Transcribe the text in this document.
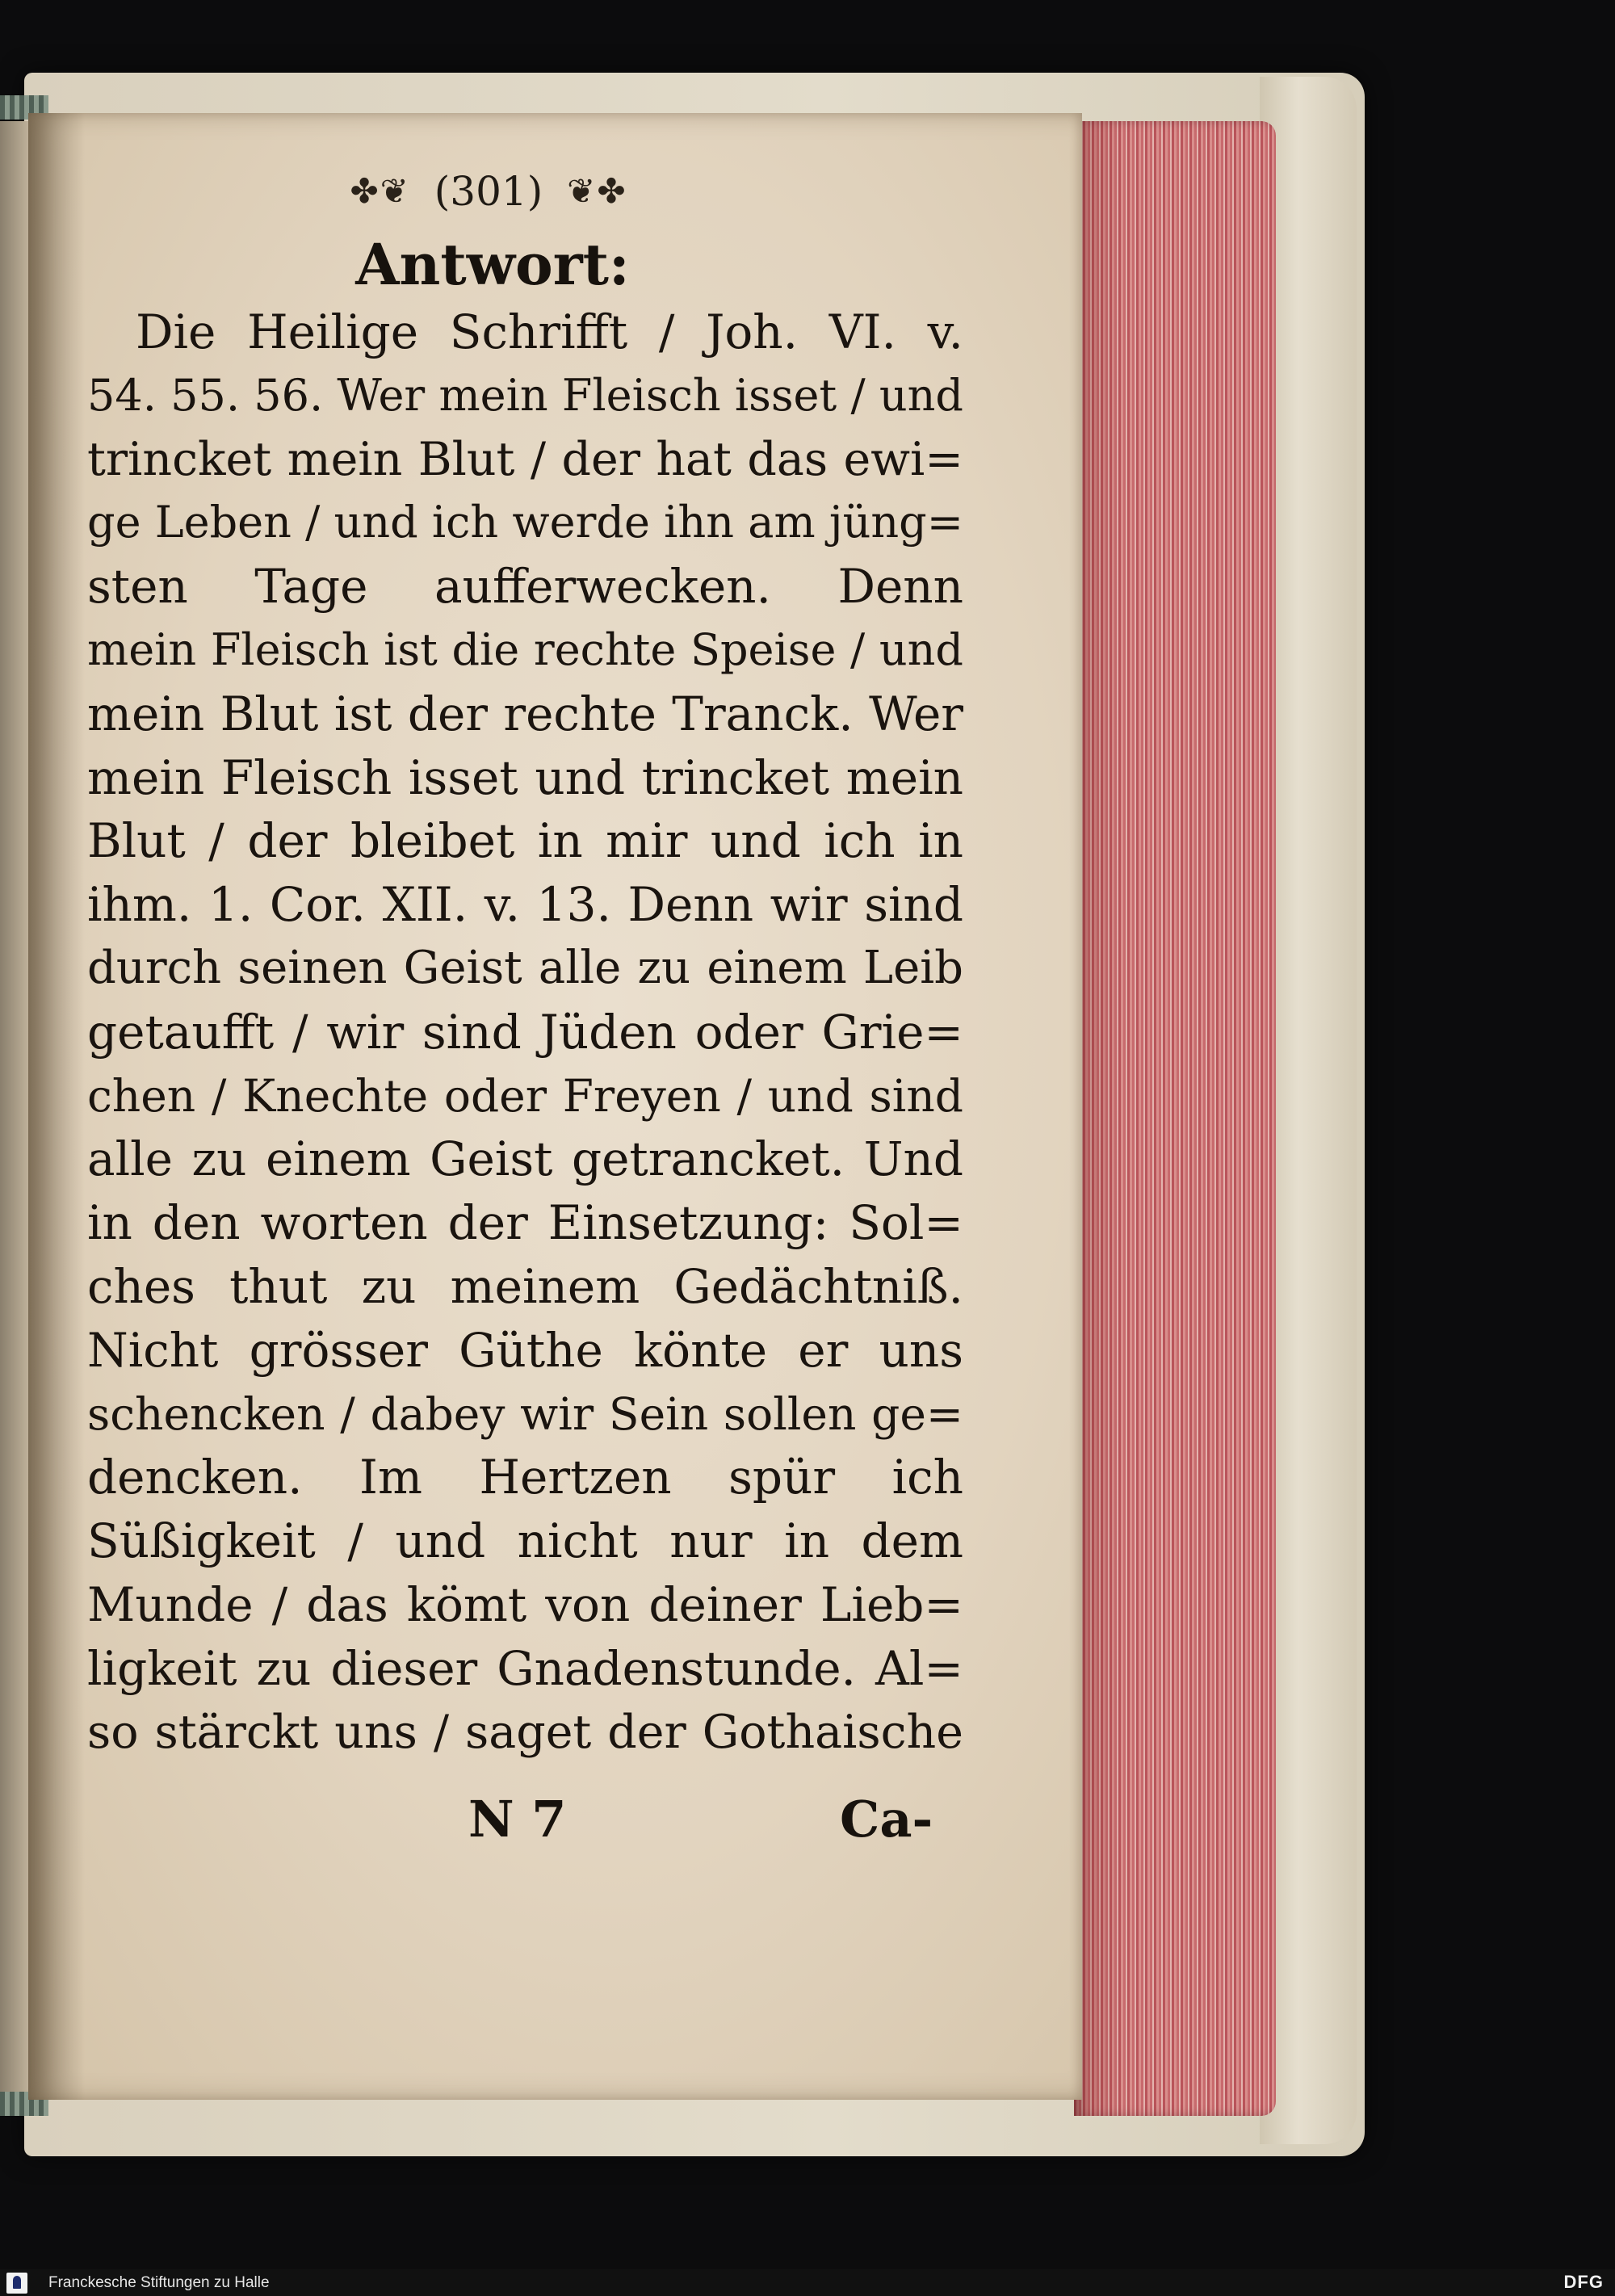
✤❦ (301) ❦✤
Antwort:
Die Heilige Schrifft / Joh. VI. v.
54. 55. 56. Wer mein Fleisch isset / und
trincket mein Blut / der hat das ewi=
ge Leben / und ich werde ihn am jüng=
sten Tage aufferwecken. Denn
mein Fleisch ist die rechte Speise / und
mein Blut ist der rechte Tranck. Wer
mein Fleisch isset und trincket mein
Blut / der bleibet in mir und ich in
ihm. 1. Cor. XII. v. 13. Denn wir sind
durch seinen Geist alle zu einem Leib
getaufft / wir sind Jüden oder Grie=
chen / Knechte oder Freyen / und sind
alle zu einem Geist getrancket. Und
in den worten der Einsetzung: Sol=
ches thut zu meinem Gedächtniß.
Nicht grösser Güthe könte er uns
schencken / dabey wir Sein sollen ge=
dencken. Im Hertzen spür ich
Süßigkeit / und nicht nur in dem
Munde / das kömt von deiner Lieb=
ligkeit zu dieser Gnadenstunde. Al=
so stärckt uns / saget der Gothaische
N 7	Ca-
Franckesche Stiftungen zu Halle	DFG
